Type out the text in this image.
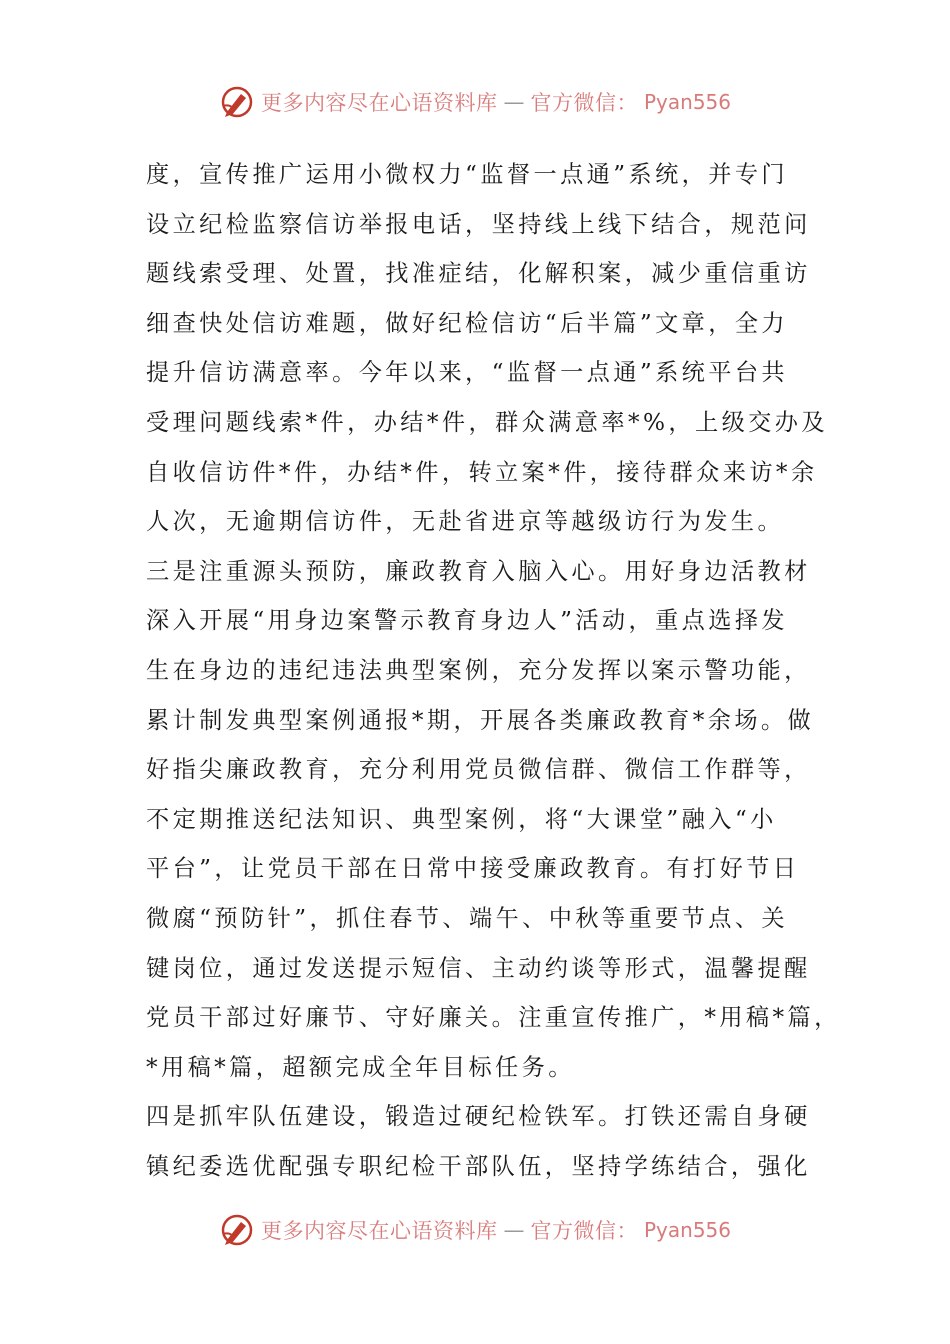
更多内容尽在心语资料库 — 官方微信： Pyan556
度，宣传推广运用小微权力“监督一点通”系统，并专门
设立纪检监察信访举报电话，坚持线上线下结合，规范问
题线索受理、处置，找准症结，化解积案，减少重信重访
细查快处信访难题，做好纪检信访“后半篇”文章，全力
提升信访满意率。今年以来，“监督一点通”系统平台共
受理问题线索*件，办结*件，群众满意率*%，上级交办及
自收信访件*件，办结*件，转立案*件，接待群众来访*余
人次，无逾期信访件，无赴省进京等越级访行为发生。
三是注重源头预防，廉政教育入脑入心。用好身边活教材
深入开展“用身边案警示教育身边人”活动，重点选择发
生在身边的违纪违法典型案例，充分发挥以案示警功能，
累计制发典型案例通报*期，开展各类廉政教育*余场。做
好指尖廉政教育，充分利用党员微信群、微信工作群等，
不定期推送纪法知识、典型案例，将“大课堂”融入“小
平台”，让党员干部在日常中接受廉政教育。有打好节日
微腐“预防针”，抓住春节、端午、中秋等重要节点、关
键岗位，通过发送提示短信、主动约谈等形式，温馨提醒
党员干部过好廉节、守好廉关。注重宣传推广，*用稿*篇，
*用稿*篇，超额完成全年目标任务。
四是抓牢队伍建设，锻造过硬纪检铁军。打铁还需自身硬
镇纪委选优配强专职纪检干部队伍，坚持学练结合，强化
更多内容尽在心语资料库 — 官方微信： Pyan556
